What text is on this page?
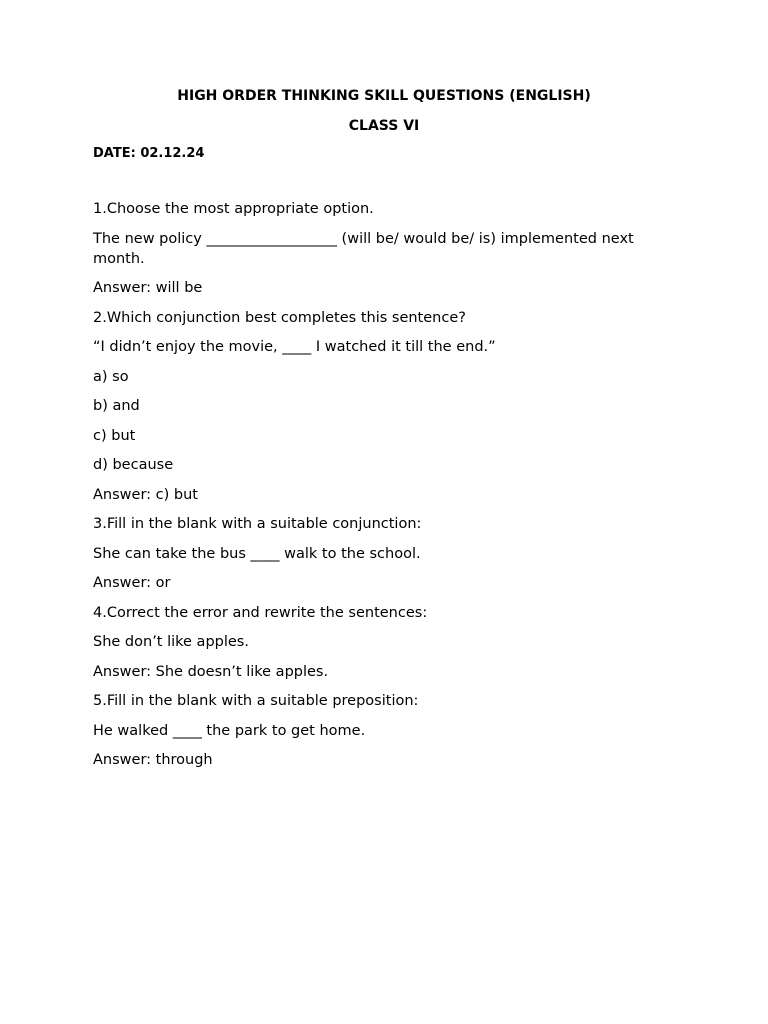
HIGH ORDER THINKING SKILL QUESTIONS (ENGLISH)
CLASS VI
DATE: 02.12.24

1.Choose the most appropriate option.

The new policy __________________ (will be/ would be/ is) implemented next month.

Answer: will be

2.Which conjunction best completes this sentence?

“I didn’t enjoy the movie, ____ I watched it till the end.”

a) so

b) and

c) but

d) because

Answer: c) but

3.Fill in the blank with a suitable conjunction:

She can take the bus ____ walk to the school.

Answer: or

4.Correct the error and rewrite the sentences:

She don’t like apples.

Answer: She doesn’t like apples.

5.Fill in the blank with a suitable preposition:

He walked ____ the park to get home.

Answer: through
